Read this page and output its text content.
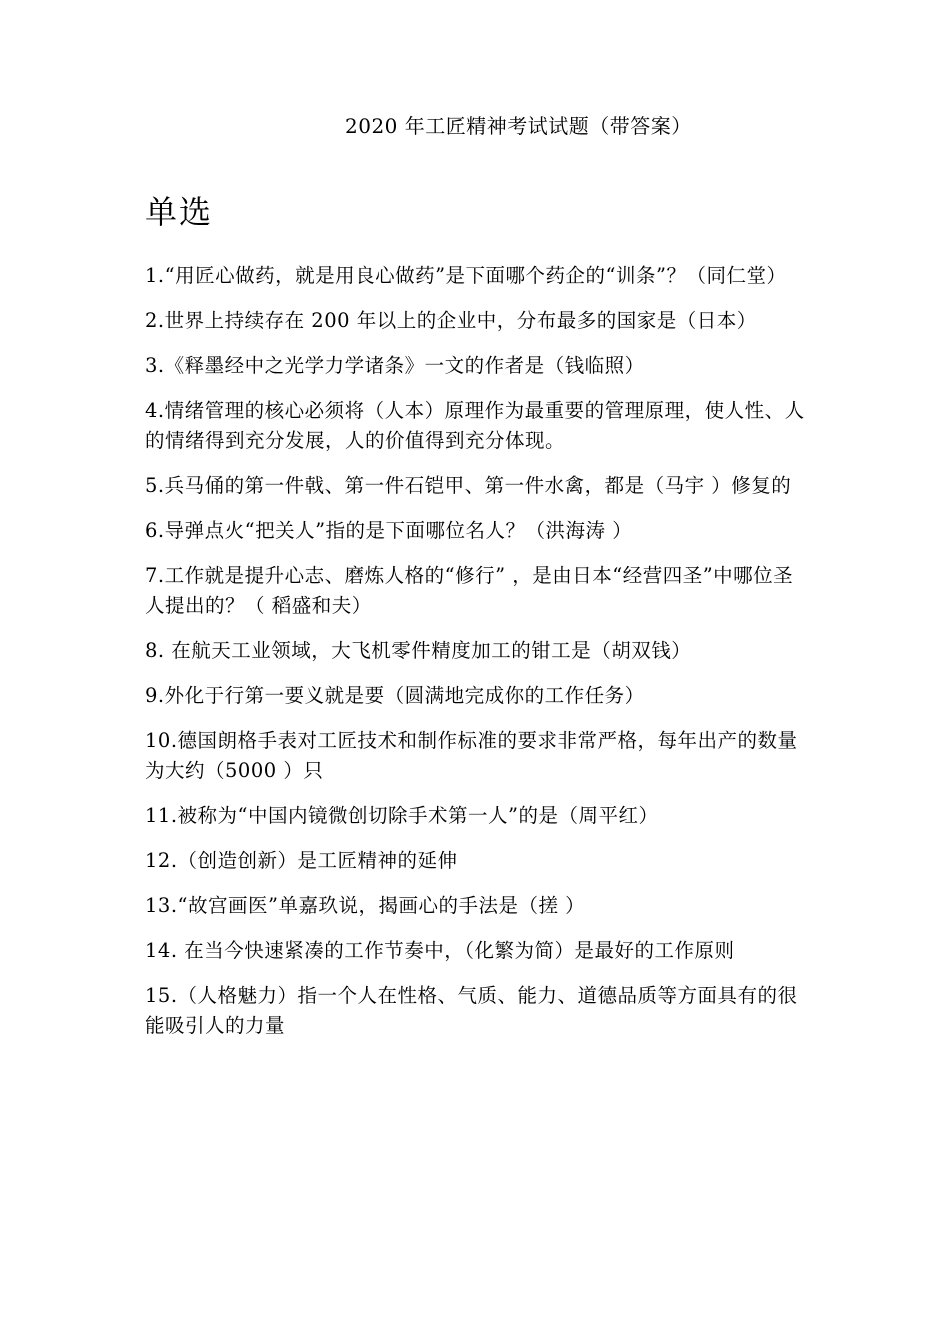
2020 年工匠精神考试试题（带答案）
单选
1.“用匠心做药，就是用良心做药”是下面哪个药企的“训条”？（同仁堂）
2.世界上持续存在 200 年以上的企业中，分布最多的国家是（日本）
3.《释墨经中之光学力学诸条》一文的作者是（钱临照）
4.情绪管理的核心必须将（人本）原理作为最重要的管理原理，使人性、人的情绪得到充分发展，人的价值得到充分体现。
5.兵马俑的第一件戟、第一件石铠甲、第一件水禽，都是（马宇 ）修复的
6.导弹点火“把关人”指的是下面哪位名人？（洪海涛 ）
7.工作就是提升心志、磨炼人格的“修行” ，是由日本“经营四圣”中哪位圣人提出的？（ 稻盛和夫）
8. 在航天工业领域，大飞机零件精度加工的钳工是（胡双钱）
9.外化于行第一要义就是要（圆满地完成你的工作任务）
10.德国朗格手表对工匠技术和制作标准的要求非常严格，每年出产的数量为大约（5000 ）只
11.被称为“中国内镜微创切除手术第一人”的是（周平红）
12.（创造创新）是工匠精神的延伸
13.“故宫画医”单嘉玖说，揭画心的手法是（搓 ）
14. 在当今快速紧凑的工作节奏中，（化繁为简）是最好的工作原则
15.（人格魅力）指一个人在性格、气质、能力、道德品质等方面具有的很能吸引人的力量
